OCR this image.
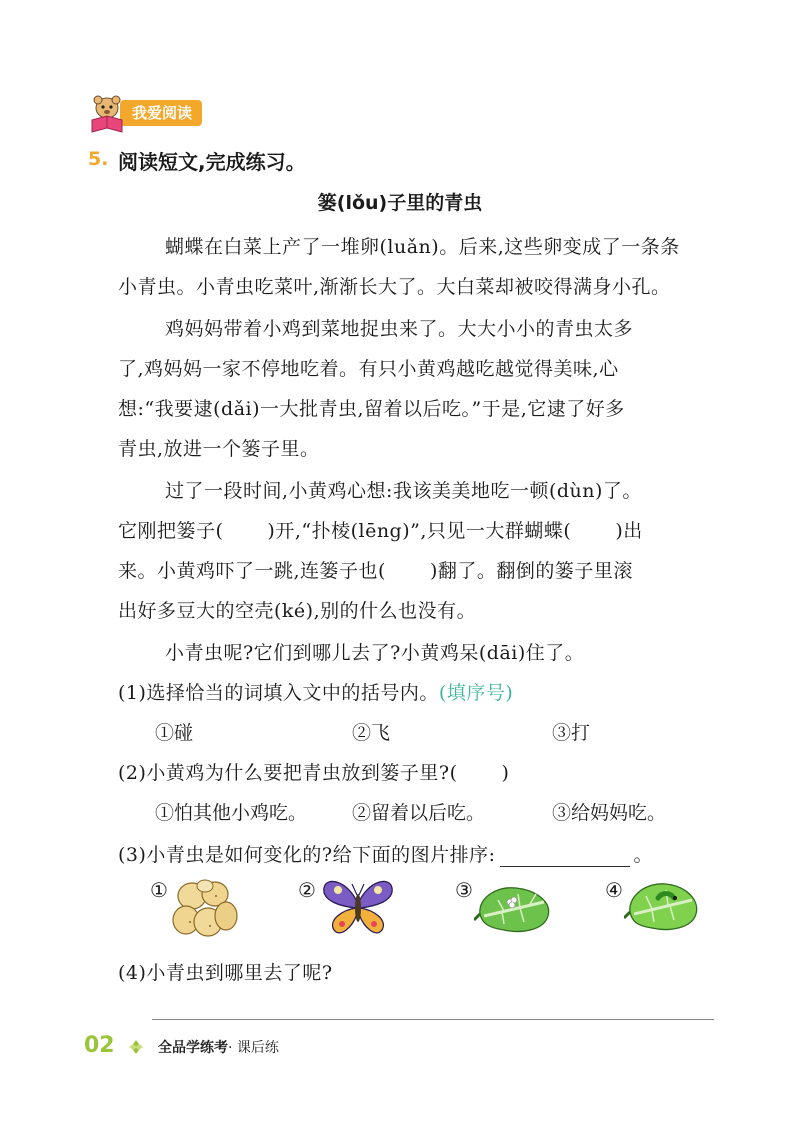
我爱阅读
5. 阅读短文,完成练习。
篓(lǒu)子里的青虫
蝴蝶在白菜上产了一堆卵(luǎn)。后来,这些卵变成了一条条
小青虫。小青虫吃菜叶,渐渐长大了。大白菜却被咬得满身小孔。
鸡妈妈带着小鸡到菜地捉虫来了。大大小小的青虫太多
了,鸡妈妈一家不停地吃着。有只小黄鸡越吃越觉得美味,心
想:“我要逮(dǎi)一大批青虫,留着以后吃。”于是,它逮了好多
青虫,放进一个篓子里。
过了一段时间,小黄鸡心想:我该美美地吃一顿(dùn)了。
它刚把篓子( )开,“扑棱(lēng)”,只见一大群蝴蝶( )出
来。小黄鸡吓了一跳,连篓子也( )翻了。翻倒的篓子里滚
出好多豆大的空壳(ké),别的什么也没有。
小青虫呢?它们到哪儿去了?小黄鸡呆(dāi)住了。
(1)选择恰当的词填入文中的括号内。(填序号)
①碰	②飞	③打
(2)小黄鸡为什么要把青虫放到篓子里?( )
①怕其他小鸡吃。 ②留着以后吃。	③给妈妈吃。
(3)小青虫是如何变化的?给下面的图片排序:	。
①	②	③	④
(4)小青虫到哪里去了呢?
02	全品学练考· 课后练
